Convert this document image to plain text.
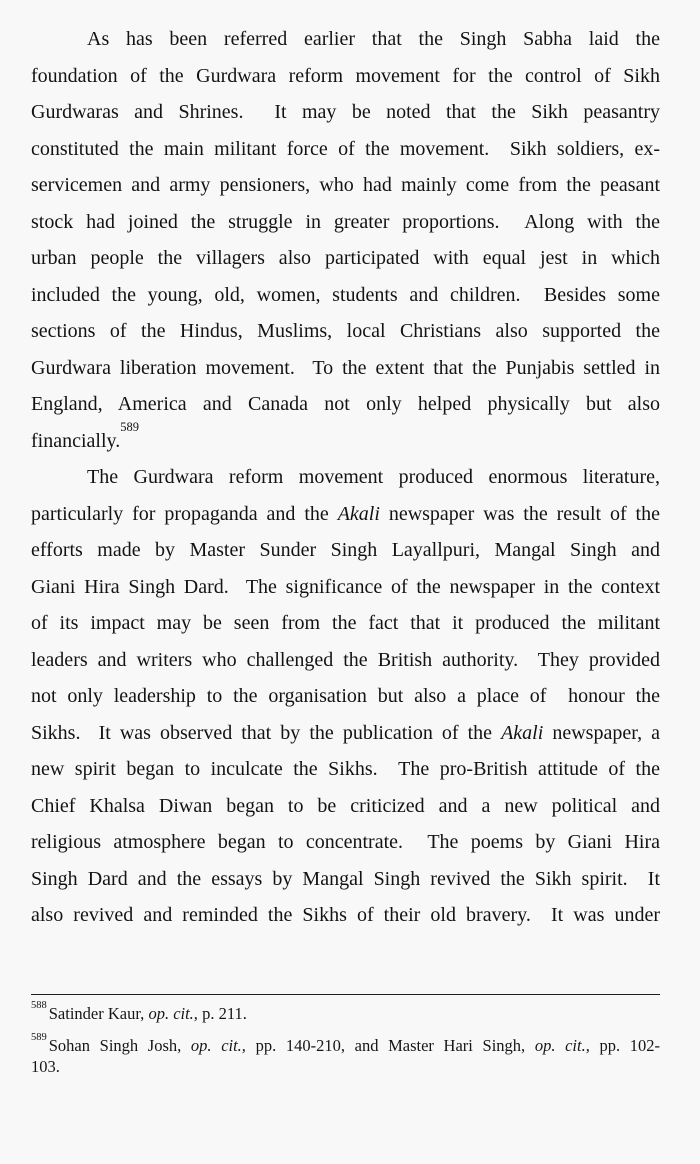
As has been referred earlier that the Singh Sabha laid the
foundation of the Gurdwara reform movement for the control of Sikh
Gurdwaras and Shrines.  It may be noted that the Sikh peasantry
constituted the main militant force of the movement.  Sikh soldiers, ex-
servicemen and army pensioners, who had mainly come from the peasant
stock had joined the struggle in greater proportions.  Along with the
urban people the villagers also participated with equal jest in which
included the young, old, women, students and children.  Besides some
sections of the Hindus, Muslims, local Christians also supported the
Gurdwara liberation movement.  To the extent that the Punjabis settled in
England, America and Canada not only helped physically but also
financially.$^{589}$
The Gurdwara reform movement produced enormous literature,
particularly for propaganda and the Akali newspaper was the result of the
efforts made by Master Sunder Singh Layallpuri, Mangal Singh and
Giani Hira Singh Dard.  The significance of the newspaper in the context
of its impact may be seen from the fact that it produced the militant
leaders and writers who challenged the British authority.  They provided
not only leadership to the organisation but also a place of  honour the
Sikhs.  It was observed that by the publication of the Akali newspaper, a
new spirit began to inculcate the Sikhs.  The pro-British attitude of the
Chief Khalsa Diwan began to be criticized and a new political and
religious atmosphere began to concentrate.  The poems by Giani Hira
Singh Dard and the essays by Mangal Singh revived the Sikh spirit.  It
also revived and reminded the Sikhs of their old bravery.  It was under
$^{588}$ Satinder Kaur, op. cit., p. 211.
$^{589}$ Sohan Singh Josh, op. cit., pp. 140-210, and Master Hari Singh, op. cit., pp. 102-
103.
